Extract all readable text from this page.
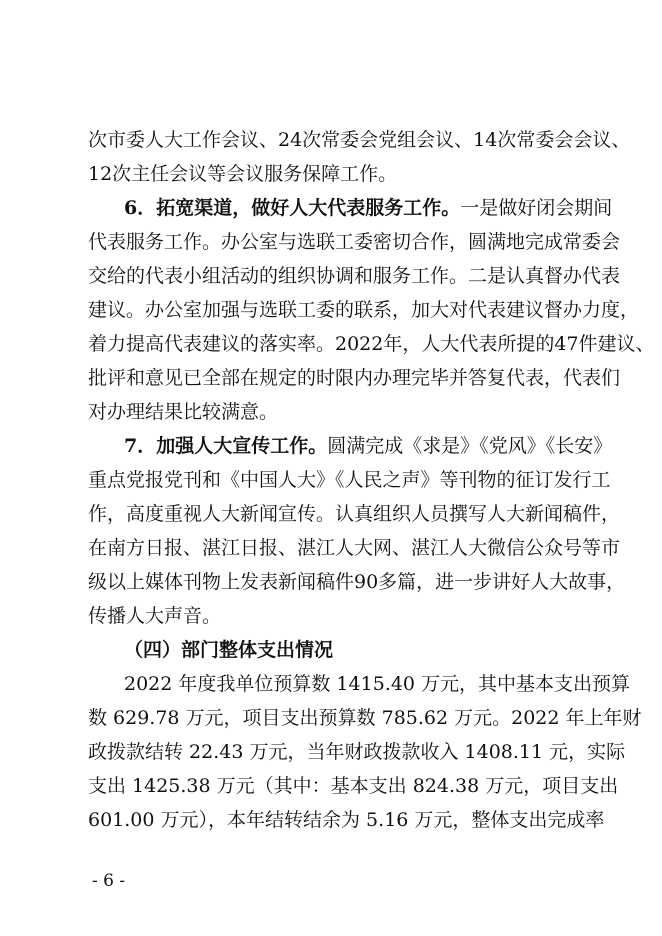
次市委人大工作会议、24次常委会党组会议、14次常委会会议、
12次主任会议等会议服务保障工作。
6．拓宽渠道，做好人大代表服务工作。一是做好闭会期间
代表服务工作。办公室与选联工委密切合作，圆满地完成常委会
交给的代表小组活动的组织协调和服务工作。二是认真督办代表
建议。办公室加强与选联工委的联系，加大对代表建议督办力度，
着力提高代表建议的落实率。2022年，人大代表所提的47件建议、
批评和意见已全部在规定的时限内办理完毕并答复代表，代表们
对办理结果比较满意。
7．加强人大宣传工作。圆满完成《求是》《党风》《长安》
重点党报党刊和《中国人大》《人民之声》等刊物的征订发行工
作，高度重视人大新闻宣传。认真组织人员撰写人大新闻稿件，
在南方日报、湛江日报、湛江人大网、湛江人大微信公众号等市
级以上媒体刊物上发表新闻稿件90多篇，进一步讲好人大故事，
传播人大声音。
（四）部门整体支出情况
2022 年度我单位预算数 1415.40 万元，其中基本支出预算
数 629.78 万元，项目支出预算数 785.62 万元。2022 年上年财
政拨款结转 22.43 万元，当年财政拨款收入 1408.11 元，实际
支出 1425.38 万元（其中：基本支出 824.38 万元，项目支出
601.00 万元），本年结转结余为 5.16 万元，整体支出完成率
- 6 -
